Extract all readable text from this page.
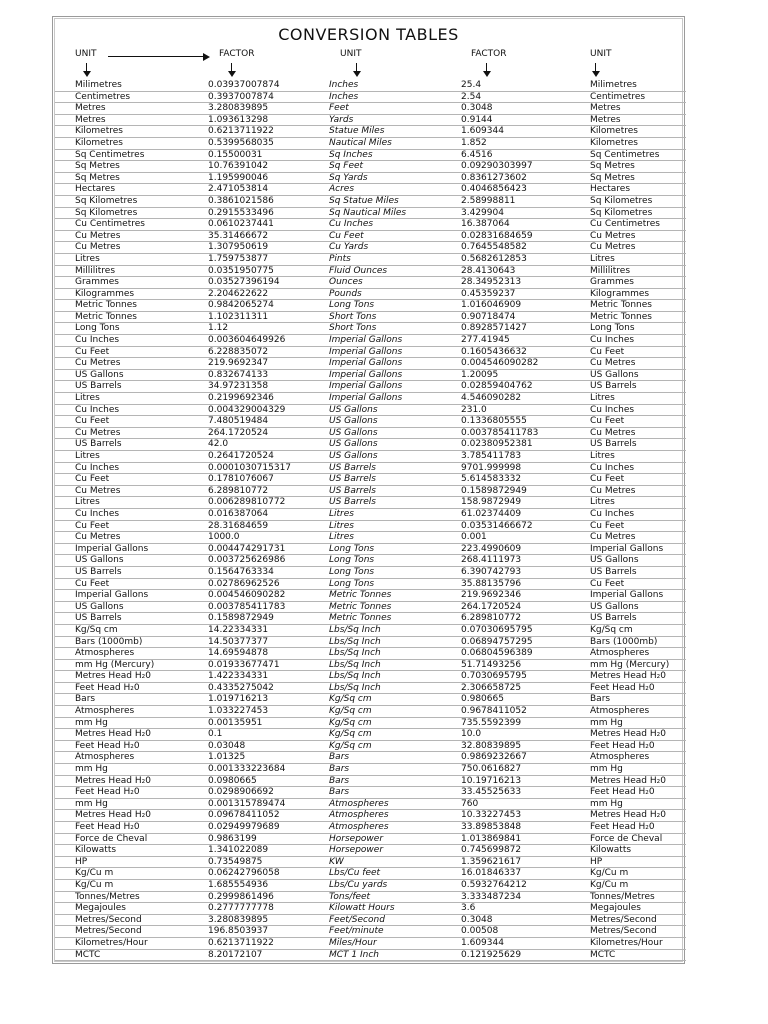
CONVERSION TABLES
UNIT	FACTOR	UNIT	FACTOR	UNIT
Milimetres	0.03937007874	Inches	25.4	Milimetres
Centimetres	0.3937007874	Inches	2.54	Centimetres
Metres	3.280839895	Feet	0.3048	Metres
Metres	1.093613298	Yards	0.9144	Metres
Kilometres	0.6213711922	Statue Miles	1.609344	Kilometres
Kilometres	0.5399568035	Nautical Miles	1.852	Kilometres
Sq Centimetres	0.15500031	Sq Inches	6.4516	Sq Centimetres
Sq Metres	10.76391042	Sq Feet	0.09290303997	Sq Metres
Sq Metres	1.195990046	Sq Yards	0.8361273602	Sq Metres
Hectares	2.471053814	Acres	0.4046856423	Hectares
Sq Kilometres	0.3861021586	Sq Statue Miles	2.58998811	Sq Kilometres
Sq Kilometres	0.2915533496	Sq Nautical Miles	3.429904	Sq Kilometres
Cu Centimetres	0.0610237441	Cu Inches	16.387064	Cu Centimetres
Cu Metres	35.31466672	Cu Feet	0.02831684659	Cu Metres
Cu Metres	1.307950619	Cu Yards	0.7645548582	Cu Metres
Litres	1.759753877	Pints	0.5682612853	Litres
Millilitres	0.0351950775	Fluid Ounces	28.4130643	Millilitres
Grammes	0.03527396194	Ounces	28.34952313	Grammes
Kilogrammes	2.204622622	Pounds	0.45359237	Kilogrammes
Metric Tonnes	0.9842065274	Long Tons	1.016046909	Metric Tonnes
Metric Tonnes	1.102311311	Short Tons	0.90718474	Metric Tonnes
Long Tons	1.12	Short Tons	0.8928571427	Long Tons
Cu Inches	0.003604649926	Imperial Gallons	277.41945	Cu Inches
Cu Feet	6.228835072	Imperial Gallons	0.1605436632	Cu Feet
Cu Metres	219.9692347	Imperial Gallons	0.004546090282	Cu Metres
US Gallons	0.832674133	Imperial Gallons	1.20095	US Gallons
US Barrels	34.97231358	Imperial Gallons	0.02859404762	US Barrels
Litres	0.2199692346	Imperial Gallons	4.546090282	Litres
Cu Inches	0.004329004329	US Gallons	231.0	Cu Inches
Cu Feet	7.480519484	US Gallons	0.1336805555	Cu Feet
Cu Metres	264.1720524	US Gallons	0.003785411783	Cu Metres
US Barrels	42.0	US Gallons	0.02380952381	US Barrels
Litres	0.2641720524	US Gallons	3.785411783	Litres
Cu Inches	0.0001030715317	US Barrels	9701.999998	Cu Inches
Cu Feet	0.1781076067	US Barrels	5.614583332	Cu Feet
Cu Metres	6.289810772	US Barrels	0.1589872949	Cu Metres
Litres	0.006289810772	US Barrels	158.9872949	Litres
Cu Inches	0.016387064	Litres	61.02374409	Cu Inches
Cu Feet	28.31684659	Litres	0.03531466672	Cu Feet
Cu Metres	1000.0	Litres	0.001	Cu Metres
Imperial Gallons	0.004474291731	Long Tons	223.4990609	Imperial Gallons
US Gallons	0.003725626986	Long Tons	268.4111973	US Gallons
US Barrels	0.1564763334	Long Tons	6.390742793	US Barrels
Cu Feet	0.02786962526	Long Tons	35.88135796	Cu Feet
Imperial Gallons	0.004546090282	Metric Tonnes	219.9692346	Imperial Gallons
US Gallons	0.003785411783	Metric Tonnes	264.1720524	US Gallons
US Barrels	0.1589872949	Metric Tonnes	6.289810772	US Barrels
Kg/Sq cm	14.22334331	Lbs/Sq Inch	0.07030695795	Kg/Sq cm
Bars (1000mb)	14.50377377	Lbs/Sq Inch	0.06894757295	Bars (1000mb)
Atmospheres	14.69594878	Lbs/Sq Inch	0.06804596389	Atmospheres
mm Hg (Mercury)	0.01933677471	Lbs/Sq Inch	51.71493256	mm Hg (Mercury)
Metres Head H₂0	1.422334331	Lbs/Sq Inch	0.7030695795	Metres Head H₂0
Feet Head H₂0	0.4335275042	Lbs/Sq Inch	2.306658725	Feet Head H₂0
Bars	1.019716213	Kg/Sq cm	0.980665	Bars
Atmospheres	1.033227453	Kg/Sq cm	0.9678411052	Atmospheres
mm Hg	0.00135951	Kg/Sq cm	735.5592399	mm Hg
Metres Head H₂0	0.1	Kg/Sq cm	10.0	Metres Head H₂0
Feet Head H₂0	0.03048	Kg/Sq cm	32.80839895	Feet Head H₂0
Atmospheres	1.01325	Bars	0.9869232667	Atmospheres
mm Hg	0.001333223684	Bars	750.0616827	mm Hg
Metres Head H₂0	0.0980665	Bars	10.19716213	Metres Head H₂0
Feet Head H₂0	0.0298906692	Bars	33.45525633	Feet Head H₂0
mm Hg	0.001315789474	Atmospheres	760	mm Hg
Metres Head H₂0	0.09678411052	Atmospheres	10.33227453	Metres Head H₂0
Feet Head H₂0	0.02949979689	Atmospheres	33.89853848	Feet Head H₂0
Force de Cheval	0.9863199	Horsepower	1.013869841	Force de Cheval
Kilowatts	1.341022089	Horsepower	0.745699872	Kilowatts
HP	0.73549875	KW	1.359621617	HP
Kg/Cu m	0.06242796058	Lbs/Cu feet	16.01846337	Kg/Cu m
Kg/Cu m	1.685554936	Lbs/Cu yards	0.5932764212	Kg/Cu m
Tonnes/Metres	0.2999861496	Tons/feet	3.333487234	Tonnes/Metres
Megajoules	0.2777777778	Kilowatt Hours	3.6	Megajoules
Metres/Second	3.280839895	Feet/Second	0.3048	Metres/Second
Metres/Second	196.8503937	Feet/minute	0.00508	Metres/Second
Kilometres/Hour	0.6213711922	Miles/Hour	1.609344	Kilometres/Hour
MCTC	8.20172107	MCT 1 Inch	0.121925629	MCTC
